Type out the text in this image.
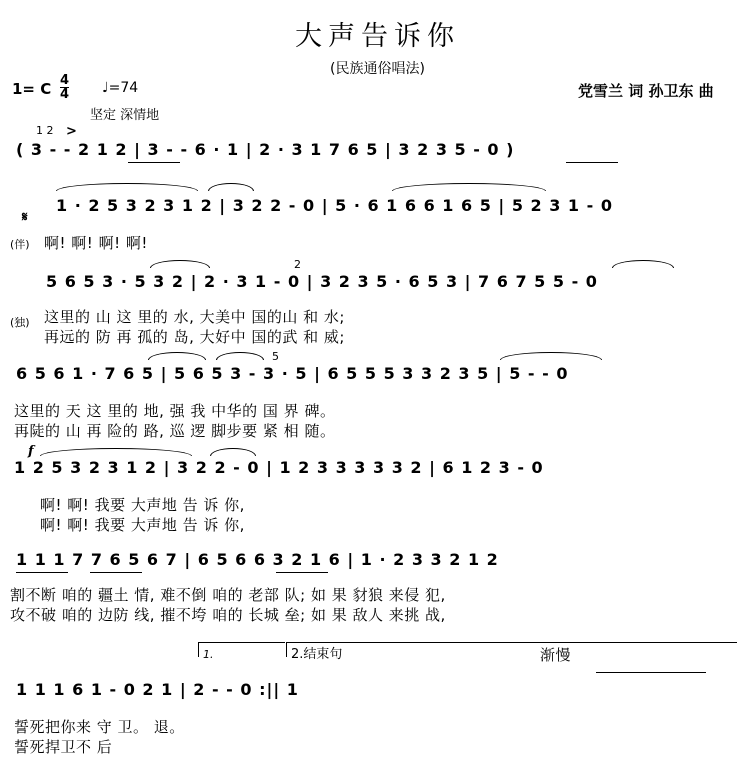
大声告诉你
(民族通俗唱法)
1= C 4
4 ♩=74
坚定 深情地
党雪兰 词 孙卫东 曲
1 2 >
( 3 - - 2 1 2 | 3 - - 6 · 1 | 2 · 3 1 7 6 5 | 3 2 3 5 - 0 )
𝄋
1 · 2 5 3 2 3 1 2 | 3 2 2 - 0 | 5 · 6 1 6 6 1 6 5 | 5 2 3 1 - 0
(伴) 啊! 啊! 啊! 啊!
2
5 6 5 3 · 5 3 2 | 2 · 3 1 - 0 | 3 2 3 5 · 6 5 3 | 7 6 7 5 5 - 0
(独) 这里的 山 这 里的 水, 大美中 国的山 和 水;
再远的 防 再 孤的 岛, 大好中 国的武 和 威;
5
6 5 6 1 · 7 6 5 | 5 6 5 3 - 3 · 5 | 6 5 5 5 3 3 2 3 5 | 5 - - 0
这里的 天 这 里的 地, 强 我 中华的 国 界 碑。
再陡的 山 再 险的 路, 巡 逻 脚步要 紧 相 随。
f
1 2 5 3 2 3 1 2 | 3 2 2 - 0 | 1 2 3 3 3 3 3 2 | 6 1 2 3 - 0
啊! 啊! 我要 大声地 告 诉 你,
啊! 啊! 我要 大声地 告 诉 你,
1 1 1 7 7 6 5 6 7 | 6 5 6 6 3 2 1 6 | 1 · 2 3 3 2 1 2
割不断 咱的 疆土 情, 难不倒 咱的 老部 队; 如 果 豺狼 来侵 犯,
攻不破 咱的 边防 线, 摧不垮 咱的 长城 垒; 如 果 敌人 来挑 战,
1.	2.结束句	渐慢
1 1 1 6 1 - 0 2 1 | 2 - - 0 :|| 1
誓死把你来 守 卫。 退。
誓死捍卫不 后
